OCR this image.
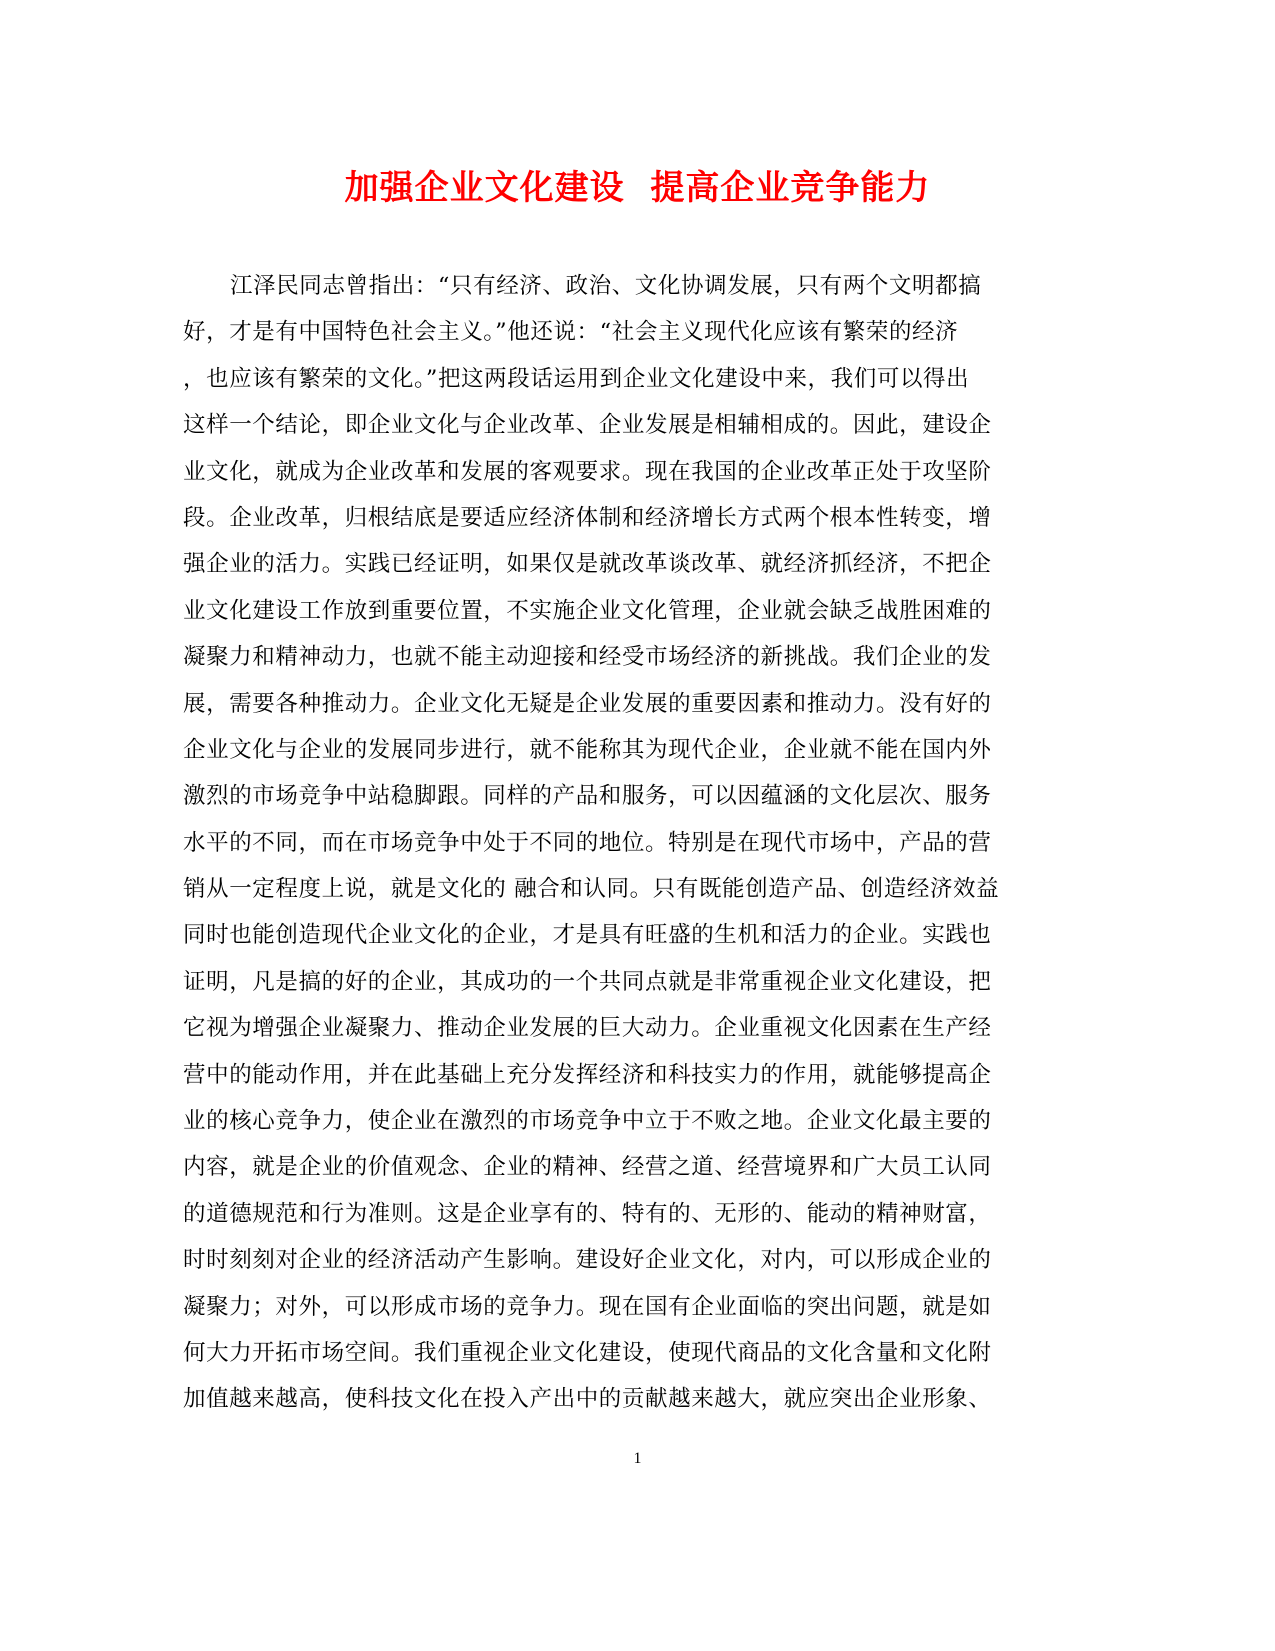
加强企业文化建设  提高企业竞争能力
江泽民同志曾指出：“只有经济、政治、文化协调发展，只有两个文明都搞
好，才是有中国特色社会主义。”他还说：“社会主义现代化应该有繁荣的经济
，也应该有繁荣的文化。”把这两段话运用到企业文化建设中来，我们可以得出
这样一个结论，即企业文化与企业改革、企业发展是相辅相成的。因此，建设企
业文化，就成为企业改革和发展的客观要求。现在我国的企业改革正处于攻坚阶
段。企业改革，归根结底是要适应经济体制和经济增长方式两个根本性转变，增
强企业的活力。实践已经证明，如果仅是就改革谈改革、就经济抓经济，不把企
业文化建设工作放到重要位置，不实施企业文化管理，企业就会缺乏战胜困难的
凝聚力和精神动力，也就不能主动迎接和经受市场经济的新挑战。我们企业的发
展，需要各种推动力。企业文化无疑是企业发展的重要因素和推动力。没有好的
企业文化与企业的发展同步进行，就不能称其为现代企业，企业就不能在国内外
激烈的市场竞争中站稳脚跟。同样的产品和服务，可以因蕴涵的文化层次、服务
水平的不同，而在市场竞争中处于不同的地位。特别是在现代市场中，产品的营
销从一定程度上说，就是文化的 融合和认同。只有既能创造产品、创造经济效益
同时也能创造现代企业文化的企业，才是具有旺盛的生机和活力的企业。实践也
证明，凡是搞的好的企业，其成功的一个共同点就是非常重视企业文化建设，把
它视为增强企业凝聚力、推动企业发展的巨大动力。企业重视文化因素在生产经
营中的能动作用，并在此基础上充分发挥经济和科技实力的作用，就能够提高企
业的核心竞争力，使企业在激烈的市场竞争中立于不败之地。企业文化最主要的
内容，就是企业的价值观念、企业的精神、经营之道、经营境界和广大员工认同
的道德规范和行为准则。这是企业享有的、特有的、无形的、能动的精神财富，
时时刻刻对企业的经济活动产生影响。建设好企业文化，对内，可以形成企业的
凝聚力；对外，可以形成市场的竞争力。现在国有企业面临的突出问题，就是如
何大力开拓市场空间。我们重视企业文化建设，使现代商品的文化含量和文化附
加值越来越高，使科技文化在投入产出中的贡献越来越大，就应突出企业形象、
1
